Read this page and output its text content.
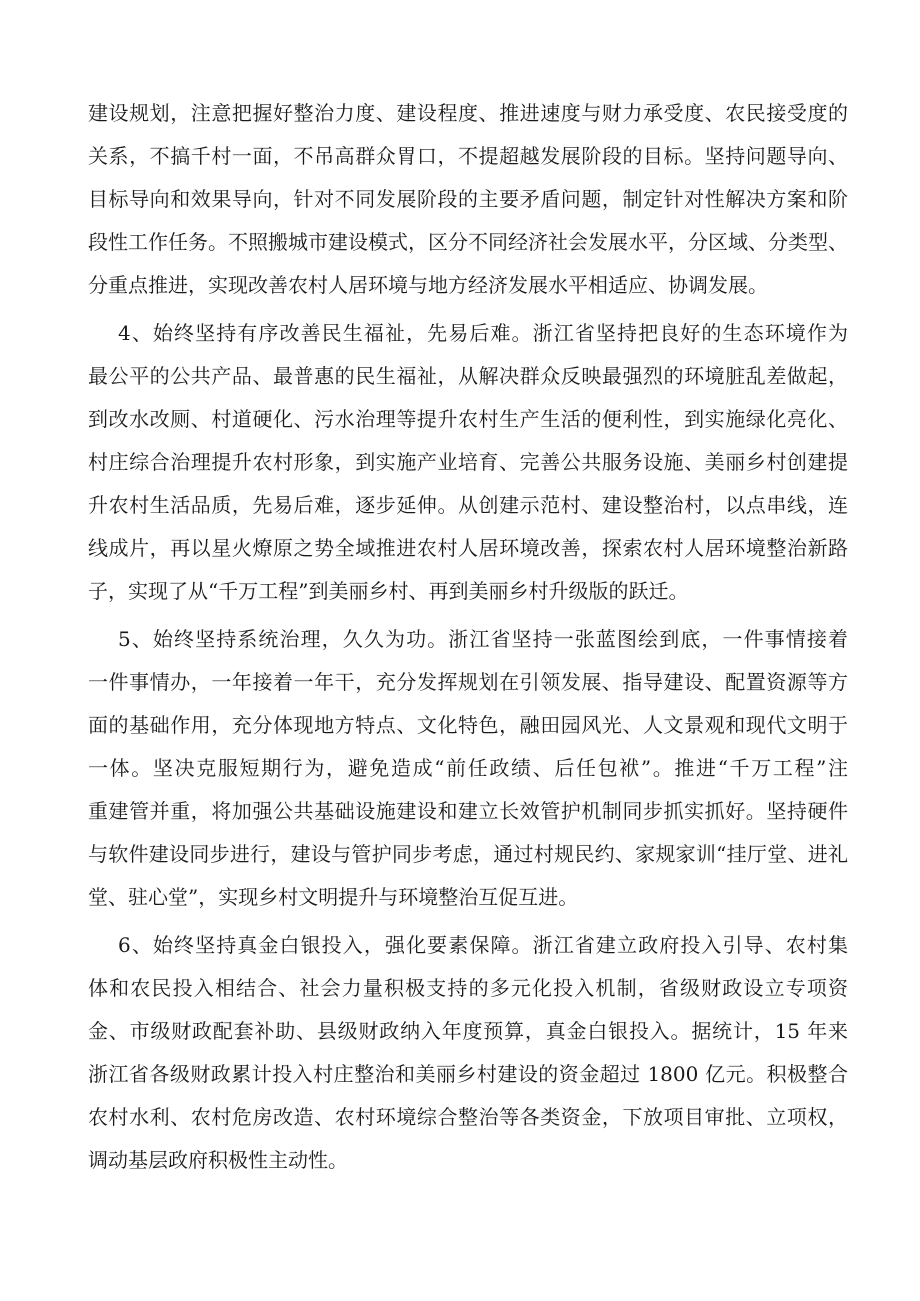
建设规划，注意把握好整治力度、建设程度、推进速度与财力承受度、农民接受度的
关系，不搞千村一面，不吊高群众胃口，不提超越发展阶段的目标。坚持问题导向、
目标导向和效果导向，针对不同发展阶段的主要矛盾问题，制定针对性解决方案和阶
段性工作任务。不照搬城市建设模式，区分不同经济社会发展水平，分区域、分类型、
分重点推进，实现改善农村人居环境与地方经济发展水平相适应、协调发展。
4、始终坚持有序改善民生福祉，先易后难。浙江省坚持把良好的生态环境作为
最公平的公共产品、最普惠的民生福祉，从解决群众反映最强烈的环境脏乱差做起，
到改水改厕、村道硬化、污水治理等提升农村生产生活的便利性，到实施绿化亮化、
村庄综合治理提升农村形象，到实施产业培育、完善公共服务设施、美丽乡村创建提
升农村生活品质，先易后难，逐步延伸。从创建示范村、建设整治村，以点串线，连
线成片，再以星火燎原之势全域推进农村人居环境改善，探索农村人居环境整治新路
子，实现了从“千万工程”到美丽乡村、再到美丽乡村升级版的跃迁。
5、始终坚持系统治理，久久为功。浙江省坚持一张蓝图绘到底，一件事情接着
一件事情办，一年接着一年干，充分发挥规划在引领发展、指导建设、配置资源等方
面的基础作用，充分体现地方特点、文化特色，融田园风光、人文景观和现代文明于
一体。坚决克服短期行为，避免造成“前任政绩、后任包袱”。推进“千万工程”注
重建管并重，将加强公共基础设施建设和建立长效管护机制同步抓实抓好。坚持硬件
与软件建设同步进行，建设与管护同步考虑，通过村规民约、家规家训“挂厅堂、进礼
堂、驻心堂”，实现乡村文明提升与环境整治互促互进。
6、始终坚持真金白银投入，强化要素保障。浙江省建立政府投入引导、农村集
体和农民投入相结合、社会力量积极支持的多元化投入机制，省级财政设立专项资
金、市级财政配套补助、县级财政纳入年度预算，真金白银投入。据统计，15 年来
浙江省各级财政累计投入村庄整治和美丽乡村建设的资金超过 1800 亿元。积极整合
农村水利、农村危房改造、农村环境综合整治等各类资金，下放项目审批、立项权，
调动基层政府积极性主动性。
